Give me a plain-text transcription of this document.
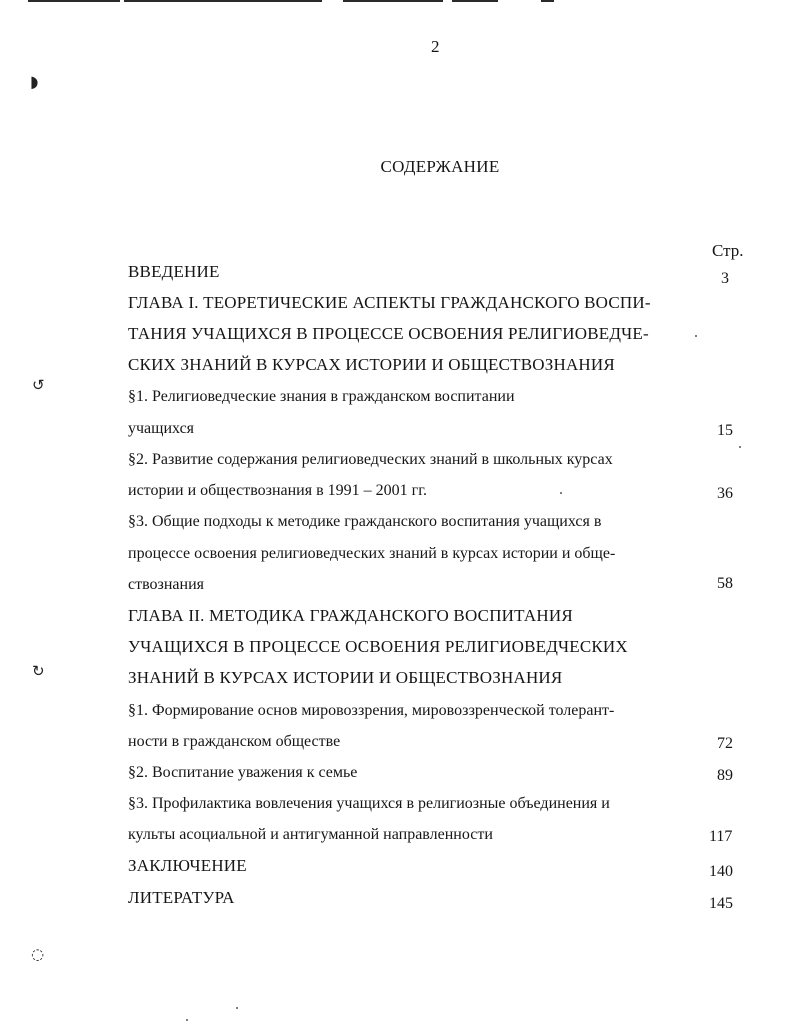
◗
↺
↻
◌
2
СОДЕРЖАНИЕ
Стр.
ВВЕДЕНИЕ	3
ГЛАВА I. ТЕОРЕТИЧЕСКИЕ АСПЕКТЫ ГРАЖДАНСКОГО ВОСПИ-
ТАНИЯ УЧАЩИХСЯ В ПРОЦЕССЕ ОСВОЕНИЯ РЕЛИГИОВЕДЧЕ-
СКИХ ЗНАНИЙ В КУРСАХ ИСТОРИИ И ОБЩЕСТВОЗНАНИЯ
§1. Религиоведческие знания в гражданском воспитании
учащихся	15
§2. Развитие содержания религиоведческих знаний в школьных курсах
истории и обществознания в 1991 – 2001 гг.	36
§3. Общие подходы к методике гражданского воспитания учащихся в
процессе освоения религиоведческих знаний в курсах истории и обще-
ствознания	58
ГЛАВА II. МЕТОДИКА ГРАЖДАНСКОГО ВОСПИТАНИЯ
УЧАЩИХСЯ В ПРОЦЕССЕ ОСВОЕНИЯ РЕЛИГИОВЕДЧЕСКИХ
ЗНАНИЙ В КУРСАХ ИСТОРИИ И ОБЩЕСТВОЗНАНИЯ
§1. Формирование основ мировоззрения, мировоззренческой толерант-
ности в гражданском обществе	72
§2. Воспитание уважения к семье	89
§3. Профилактика вовлечения учащихся в религиозные объединения и
культы асоциальной и антигуманной направленности	117
ЗАКЛЮЧЕНИЕ	140
ЛИТЕРАТУРА	145
